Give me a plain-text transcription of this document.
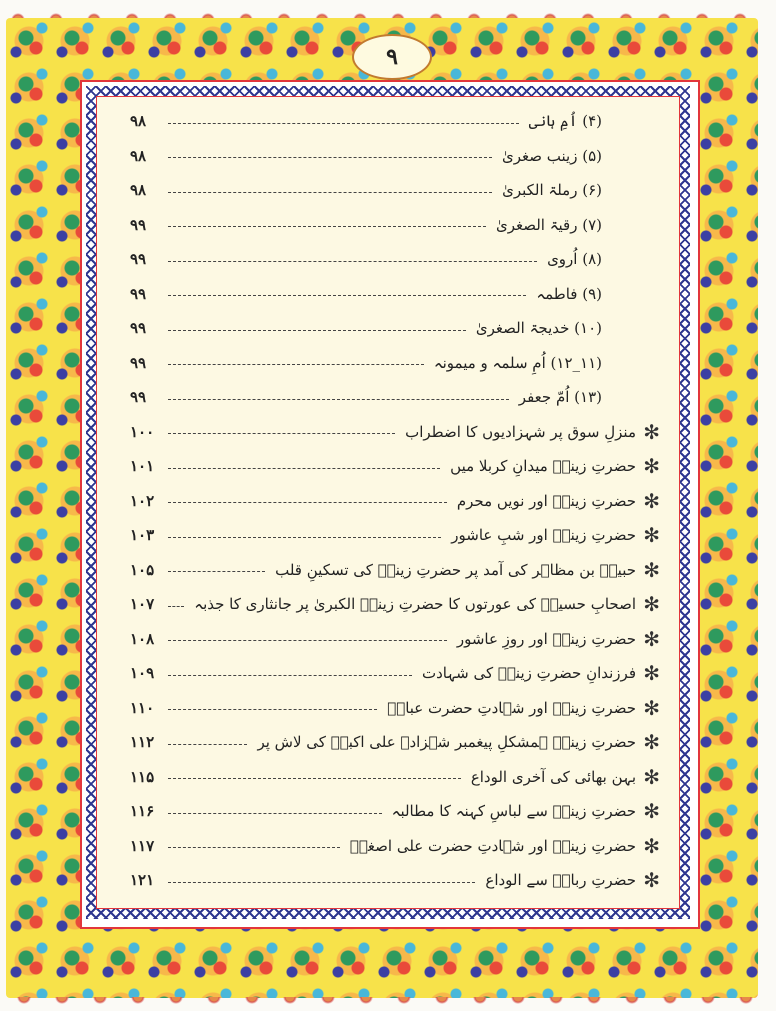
٩
(۴) اُمِ ہانی
۹۸
(۵) زینب صغریٰ
۹۸
(۶) رملۃ الکبریٰ
۹۸
(۷) رقیۃ الصغریٰ
۹۹
(۸) اُروی
۹۹
(۹) فاطمہ
۹۹
(۱۰) خدیجۃ الصغریٰ
۹۹
(۱۱_۱۲) اُمِ سلمہ و میمونہ
۹۹
(۱۳) اُمّ جعفر
۹۹
✻
منزلِ سوق پر شہزادیوں کا اضطراب
۱۰۰
✻
حضرتِ زینبؑ میدانِ کربلا میں
۱۰۱
✻
حضرتِ زینبؑ اور نویں محرم
۱۰۲
✻
حضرتِ زینبؑ اور شبِ عاشور
۱۰۳
✻
حبیبؑ بن مظاہر کی آمد پر حضرتِ زینبؑ کی تسکینِ قلب
۱۰۵
✻
اصحابِ حسینؑ کی عورتوں کا حضرتِ زینبؑ الکبریٰ پر جانثاری کا جذبہ
۱۰۷
✻
حضرتِ زینبؑ اور روزِ عاشور
۱۰۸
✻
فرزندانِ حضرتِ زینبؑ کی شہادت
۱۰۹
✻
حضرتِ زینبؑ اور شہادتِ حضرت عباسؑ
۱۱۰
✻
حضرتِ زینبؑ ہمشکلِ پیغمبر شہزادہ علی اکبرؑ کی لاش پر
۱۱۲
✻
بہن بھائی کی آخری الوداع
۱۱۵
✻
حضرتِ زینبؑ سے لباسِ کہنہ کا مطالبہ
۱۱۶
✻
حضرتِ زینبؑ اور شہادتِ حضرت علی اصغرؑ
۱۱۷
✻
حضرتِ ربابؑ سے الوداع
۱۲۱
